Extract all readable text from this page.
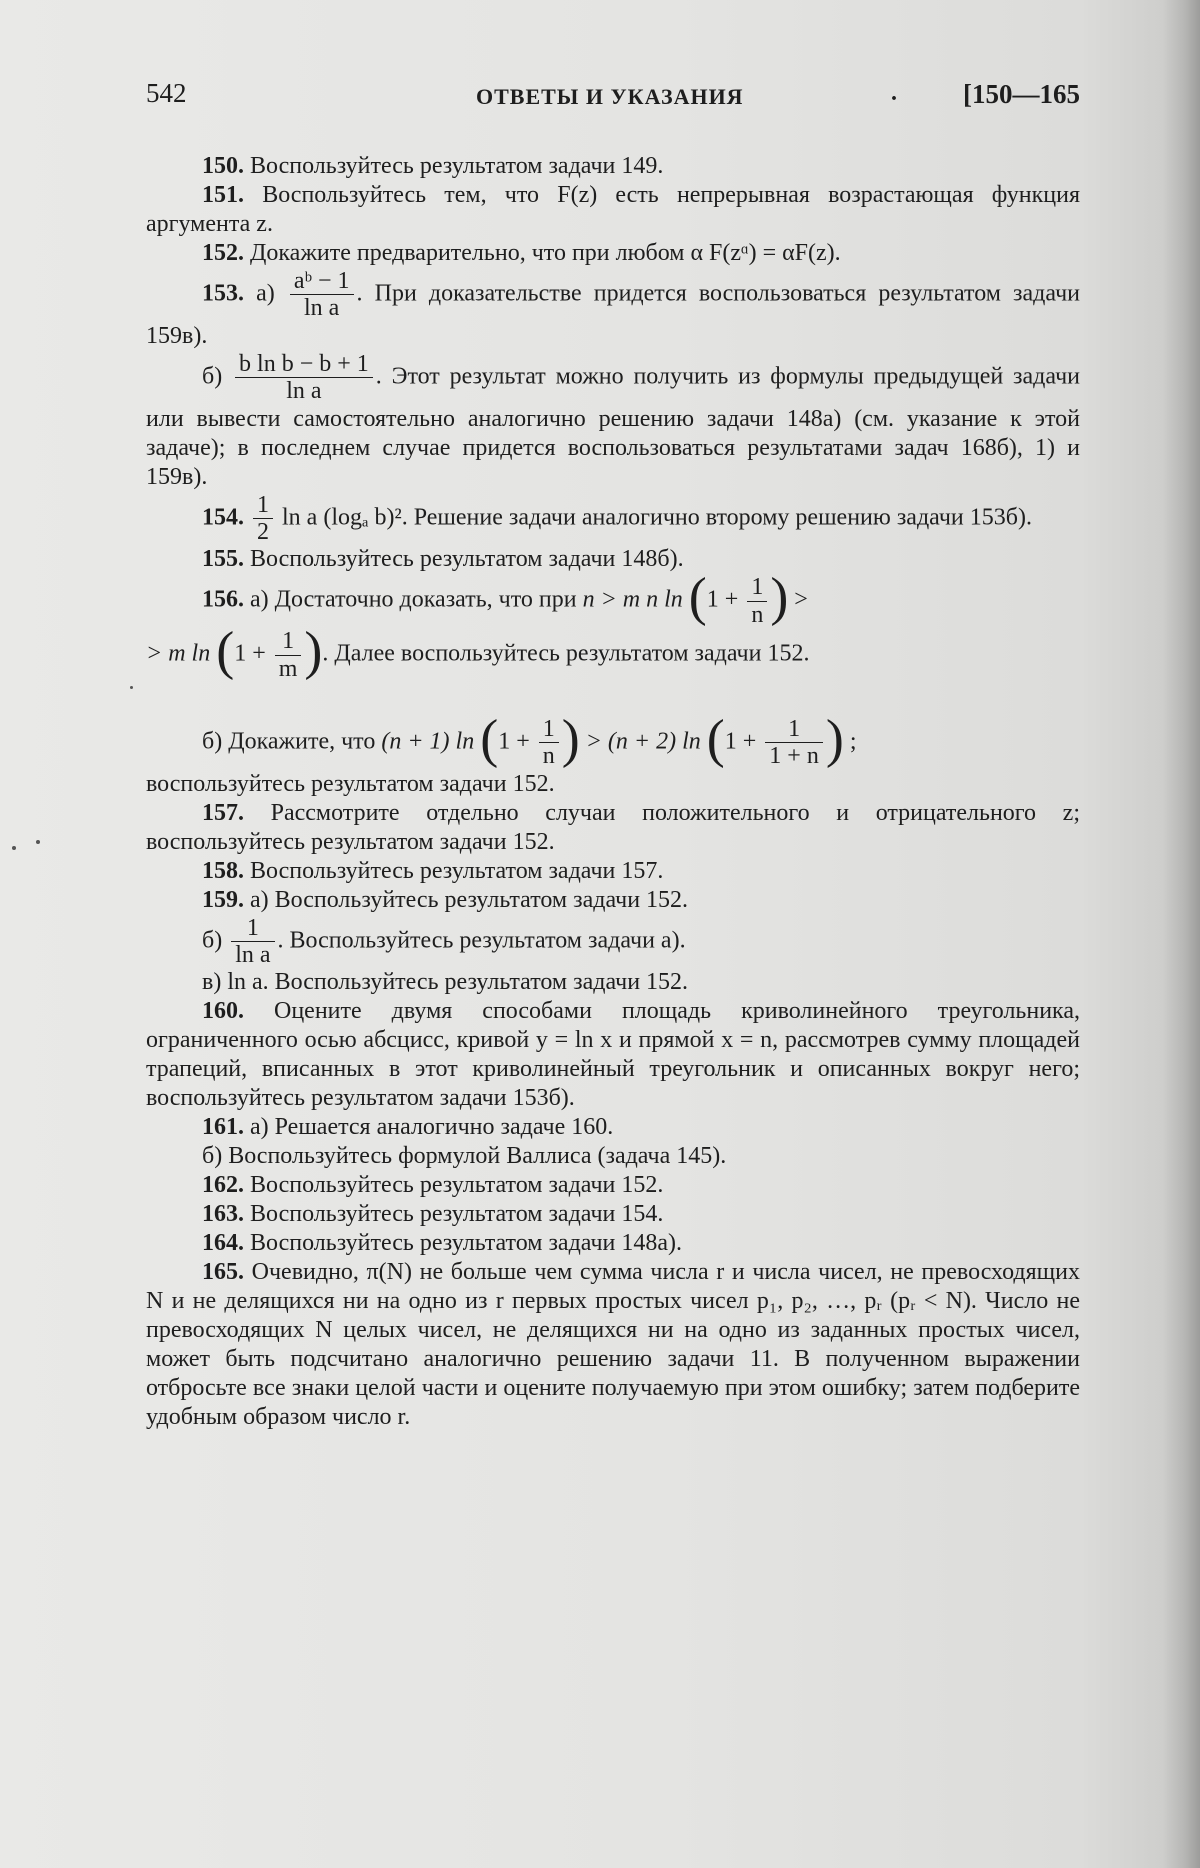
542	ОТВЕТЫ И УКАЗАНИЯ	. [150—165

150. Воспользуйтесь результатом задачи 149.

151. Воспользуйтесь тем, что F(z) есть непрерывная возрастающая функция аргумента z.

152. Докажите предварительно, что при любом α F(zᵅ) = αF(z).

153. $а) \frac{\text{aᵇ − 1}}{\text{ln a}}$ . При доказательстве придется воспользоваться результатом задачи 159в).

$б) \frac{\text{b ln b − b + 1}}{\text{ln a}}$ . Этот результат можно получить из формулы предыдущей задачи или вывести самостоятельно аналогично решению задачи 148а) (см. указание к этой задаче); в последнем случае придется воспользоваться результатами задач 168б), 1) и 159в).

154. $\frac{1}{2}$ ln a (logₐ b)². Решение задачи аналогично второму решению задачи 153б).

155. Воспользуйтесь результатом задачи 148б).

156. а) Достаточно доказать, что при n > m n $\ln (1 + \frac{1}{n}$ ) >

> m $\ln (1 + \frac{1}{m}$ ). Далее воспользуйтесь результатом задачи 152.

б) Докажите, что (n + 1) $\ln (1 + \frac{1}{n}$ ) > (n + 2) $\ln (1 + \frac{1}{1 + n}$ ) ;

воспользуйтесь результатом задачи 152.

157. Рассмотрите отдельно случаи положительного и отрицательного z; воспользуйтесь результатом задачи 152.

158. Воспользуйтесь результатом задачи 157.

159. а) Воспользуйтесь результатом задачи 152.

$б) \frac{1}{\text{ln a}}$ . Воспользуйтесь результатом задачи а).

в) ln a. Воспользуйтесь результатом задачи 152.

160. Оцените двумя способами площадь криволинейного треугольника, ограниченного осью абсцисс, кривой y = ln x и прямой x = n, рассмотрев сумму площадей трапеций, вписанных в этот криволинейный треугольник и описанных вокруг него; воспользуйтесь результатом задачи 153б).

161. а) Решается аналогично задаче 160.

б) Воспользуйтесь формулой Валлиса (задача 145).

162. Воспользуйтесь результатом задачи 152.

163. Воспользуйтесь результатом задачи 154.

164. Воспользуйтесь результатом задачи 148а).

165. Очевидно, π(N) не больше чем сумма числа r и числа чисел, не превосходящих N и не делящихся ни на одно из r первых простых чисел p₁, p₂, …, pᵣ (pᵣ < N). Число не превосходящих N целых чисел, не делящихся ни на одно из заданных простых чисел, может быть подсчитано аналогично решению задачи 11. В полученном выражении отбросьте все знаки целой части и оцените получаемую при этом ошибку; затем подберите удобным образом число r.
